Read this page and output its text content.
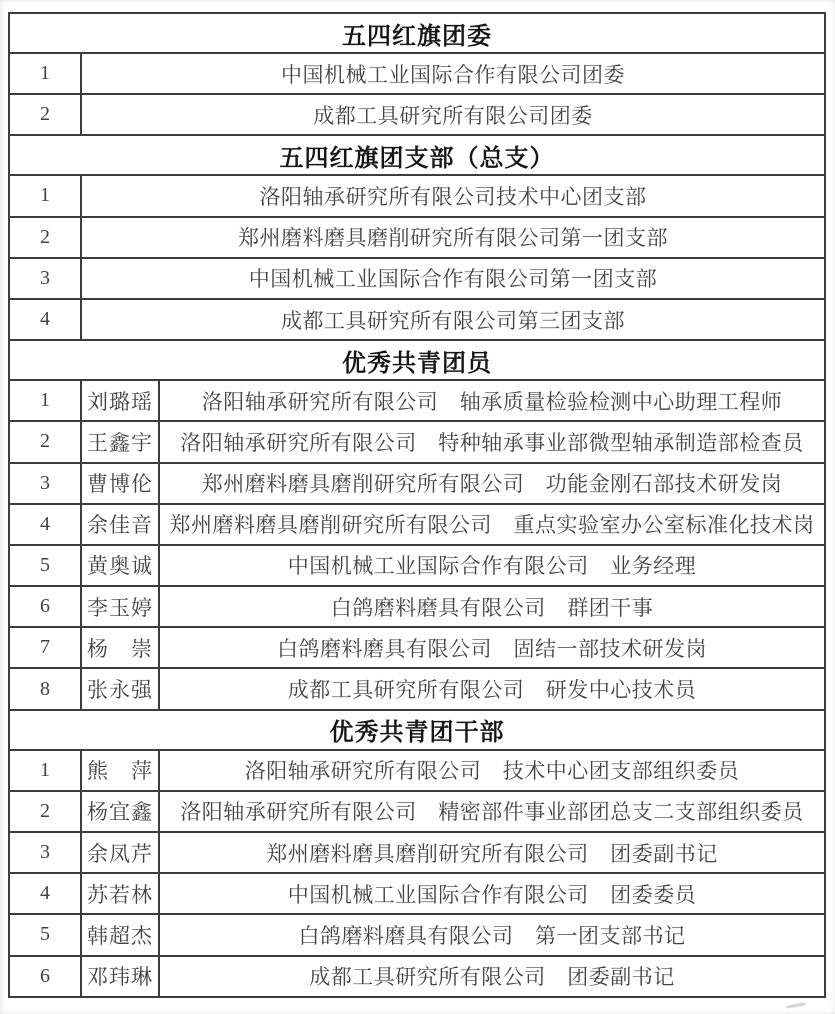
五四红旗团委		
1	中国机械工业国际合作有限公司团委	
2	成都工具研究所有限公司团委	
五四红旗团支部（总支）		
1	洛阳轴承研究所有限公司技术中心团支部	
2	郑州磨料磨具磨削研究所有限公司第一团支部	
3	中国机械工业国际合作有限公司第一团支部	
4	成都工具研究所有限公司第三团支部	
优秀共青团员		
1	刘璐瑶	洛阳轴承研究所有限公司　轴承质量检验检测中心助理工程师
2	王鑫宇	洛阳轴承研究所有限公司　特种轴承事业部微型轴承制造部检查员
3	曹博伦	郑州磨料磨具磨削研究所有限公司　功能金刚石部技术研发岗
4	余佳音	郑州磨料磨具磨削研究所有限公司　重点实验室办公室标准化技术岗
5	黄奥诚	中国机械工业国际合作有限公司　业务经理
6	李玉婷	白鸽磨料磨具有限公司　群团干事
7	杨　崇	白鸽磨料磨具有限公司　固结一部技术研发岗
8	张永强	成都工具研究所有限公司　研发中心技术员
优秀共青团干部		
1	熊　萍	洛阳轴承研究所有限公司　技术中心团支部组织委员
2	杨宜鑫	洛阳轴承研究所有限公司　精密部件事业部团总支二支部组织委员
3	余凤芹	郑州磨料磨具磨削研究所有限公司　团委副书记
4	苏若林	中国机械工业国际合作有限公司　团委委员
5	韩超杰	白鸽磨料磨具有限公司　第一团支部书记
6	邓玮琳	成都工具研究所有限公司　团委副书记
